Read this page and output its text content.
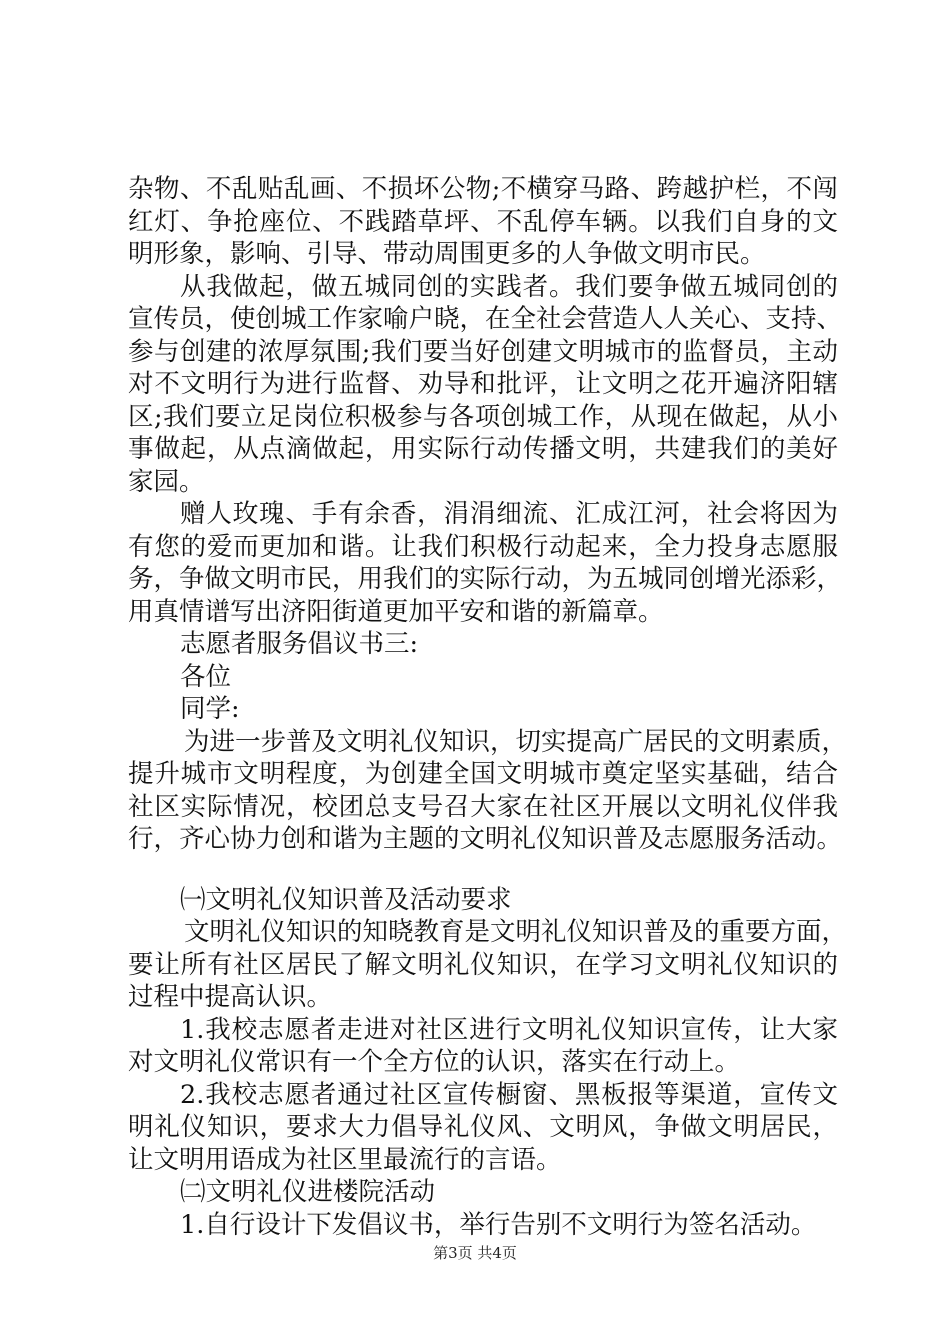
杂物、不乱贴乱画、不损坏公物;不横穿马路、跨越护栏，不闯
红灯、争抢座位、不践踏草坪、不乱停车辆。以我们自身的文
明形象，影响、引导、带动周围更多的人争做文明市民。
从我做起，做五城同创的实践者。我们要争做五城同创的
宣传员，使创城工作家喻户晓，在全社会营造人人关心、支持、
参与创建的浓厚氛围;我们要当好创建文明城市的监督员，主动
对不文明行为进行监督、劝导和批评，让文明之花开遍济阳辖
区;我们要立足岗位积极参与各项创城工作，从现在做起，从小
事做起，从点滴做起，用实际行动传播文明，共建我们的美好
家园。
赠人玫瑰、手有余香，涓涓细流、汇成江河，社会将因为
有您的爱而更加和谐。让我们积极行动起来，全力投身志愿服
务，争做文明市民，用我们的实际行动，为五城同创增光添彩，
用真情谱写出济阳街道更加平安和谐的新篇章。
志愿者服务倡议书三:
各位
同学:
为进一步普及文明礼仪知识，切实提高广居民的文明素质，
提升城市文明程度，为创建全国文明城市奠定坚实基础，结合
社区实际情况，校团总支号召大家在社区开展以文明礼仪伴我
行，齐心协力创和谐为主题的文明礼仪知识普及志愿服务活动。
㈠文明礼仪知识普及活动要求
文明礼仪知识的知晓教育是文明礼仪知识普及的重要方面，
要让所有社区居民了解文明礼仪知识，在学习文明礼仪知识的
过程中提高认识。
1.我校志愿者走进对社区进行文明礼仪知识宣传，让大家
对文明礼仪常识有一个全方位的认识，落实在行动上。
2.我校志愿者通过社区宣传橱窗、黑板报等渠道，宣传文
明礼仪知识，要求大力倡导礼仪风、文明风，争做文明居民，
让文明用语成为社区里最流行的言语。
㈡文明礼仪进楼院活动
1.自行设计下发倡议书，举行告别不文明行为签名活动。
第3页 共4页
